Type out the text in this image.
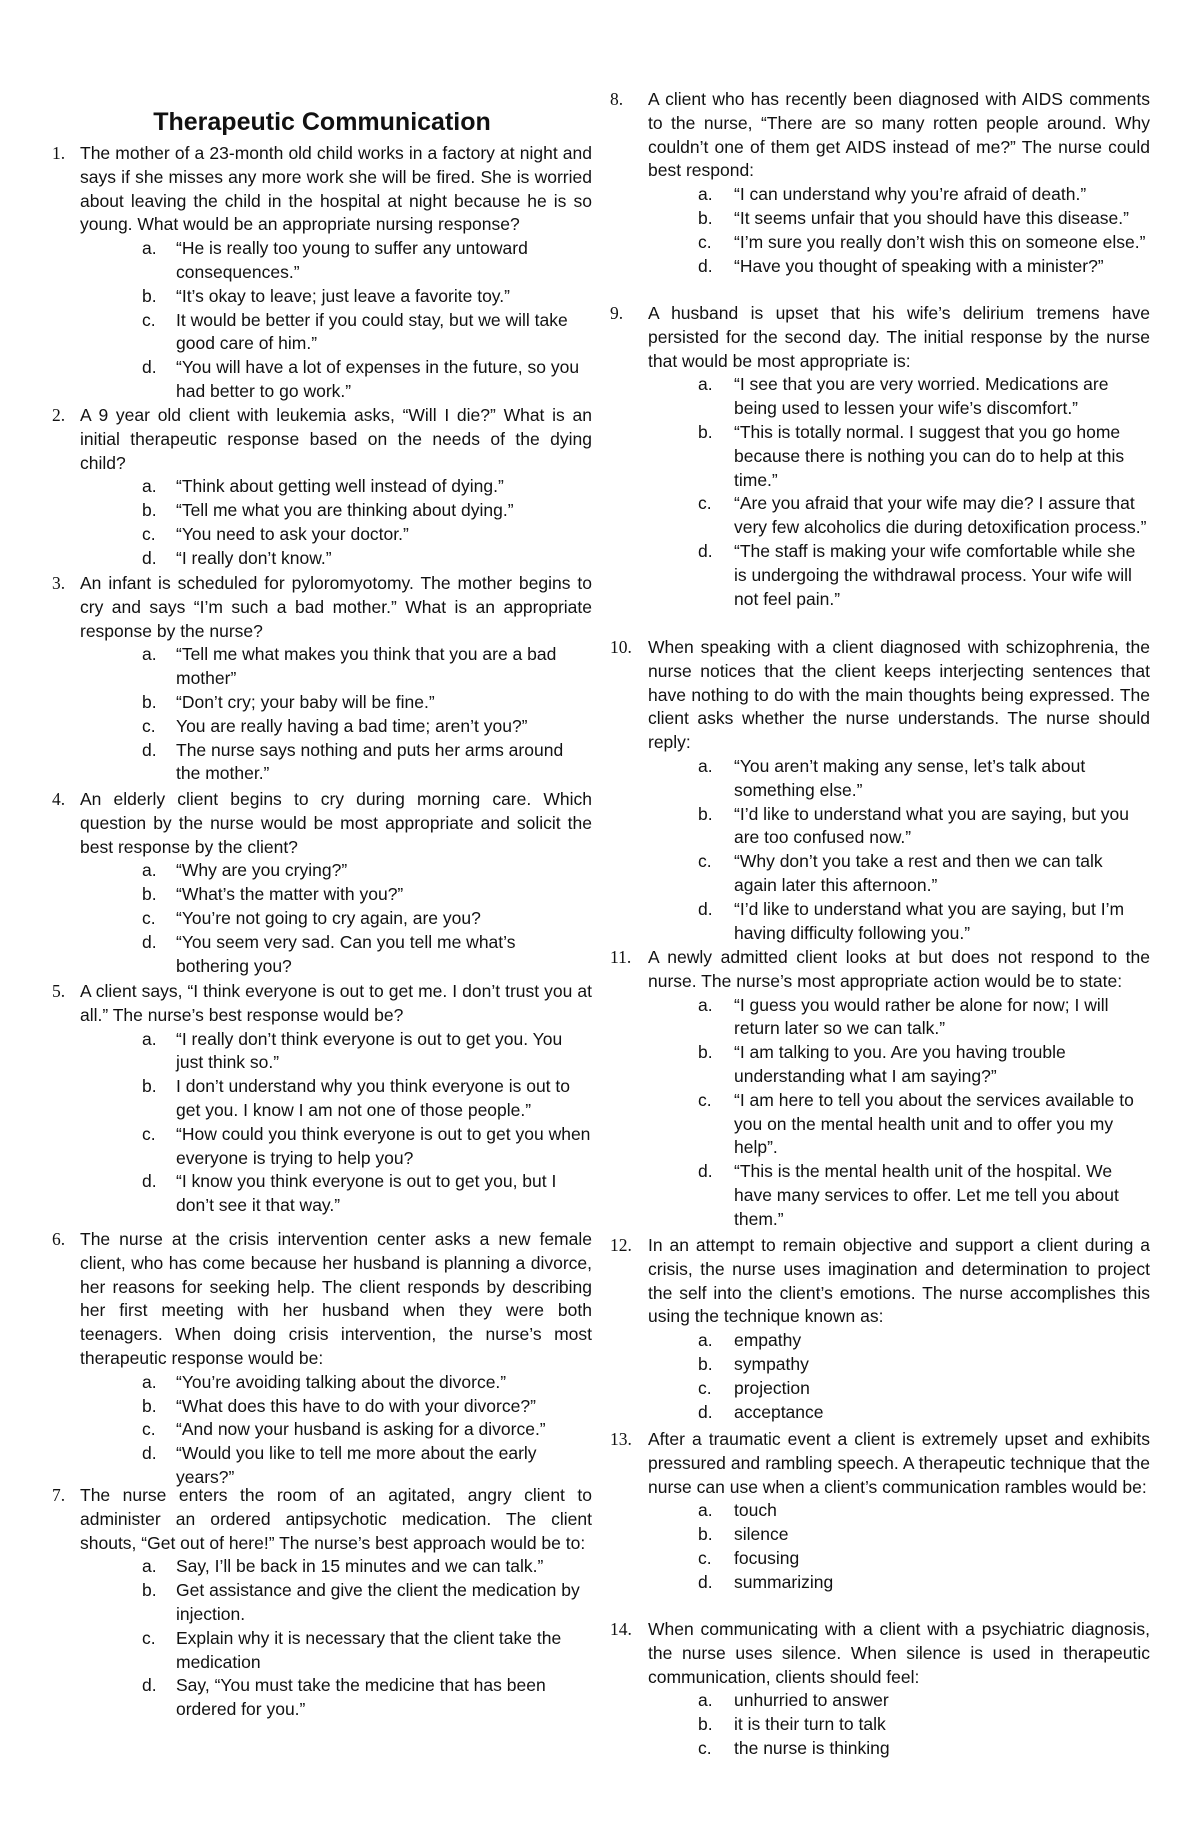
Therapeutic Communication
1. The mother of a 23-month old child works in a factory at night and says if she misses any more work she will be fired. She is worried about leaving the child in the hospital at night because he is so young. What would be an appropriate nursing response?
a. “He is really too young to suffer any untoward consequences.”
b. “It’s okay to leave; just leave a favorite toy.”
c. It would be better if you could stay, but we will take good care of him.”
d. “You will have a lot of expenses in the future, so you had better to go work.”
2. A 9 year old client with leukemia asks, “Will I die?” What is an initial therapeutic response based on the needs of the dying child?
a. “Think about getting well instead of dying.”
b. “Tell me what you are thinking about dying.”
c. “You need to ask your doctor.”
d. “I really don’t know.”
3. An infant is scheduled for pyloromyotomy. The mother begins to cry and says “I’m such a bad mother.” What is an appropriate response by the nurse?
a. “Tell me what makes you think that you are a bad mother”
b. “Don’t cry; your baby will be fine.”
c. You are really having a bad time; aren’t you?”
d. The nurse says nothing and puts her arms around the mother.”
4. An elderly client begins to cry during morning care. Which question by the nurse would be most appropriate and solicit the best response by the client?
a. “Why are you crying?”
b. “What’s the matter with you?”
c. “You’re not going to cry again, are you?
d. “You seem very sad. Can you tell me what’s bothering you?
5. A client says, “I think everyone is out to get me. I don’t trust you at all.” The nurse’s best response would be?
a. “I really don’t think everyone is out to get you. You just think so.”
b. I don’t understand why you think everyone is out to get you. I know I am not one of those people.”
c. “How could you think everyone is out to get you when everyone is trying to help you?
d. “I know you think everyone is out to get you, but I don’t see it that way.”
6. The nurse at the crisis intervention center asks a new female client, who has come because her husband is planning a divorce, her reasons for seeking help. The client responds by describing her first meeting with her husband when they were both teenagers. When doing crisis intervention, the nurse’s most therapeutic response would be:
a. “You’re avoiding talking about the divorce.”
b. “What does this have to do with your divorce?”
c. “And now your husband is asking for a divorce.”
d. “Would you like to tell me more about the early years?”
7. The nurse enters the room of an agitated, angry client to administer an ordered antipsychotic medication. The client shouts, “Get out of here!” The nurse’s best approach would be to:
a. Say, I’ll be back in 15 minutes and we can talk.”
b. Get assistance and give the client the medication by injection.
c. Explain why it is necessary that the client take the medication
d. Say, “You must take the medicine that has been ordered for you.”
8. A client who has recently been diagnosed with AIDS comments to the nurse, “There are so many rotten people around. Why couldn’t one of them get AIDS instead of me?” The nurse could best respond:
a. “I can understand why you’re afraid of death.”
b. “It seems unfair that you should have this disease.”
c. “I’m sure you really don’t wish this on someone else.”
d. “Have you thought of speaking with a minister?”
9. A husband is upset that his wife’s delirium tremens have persisted for the second day. The initial response by the nurse that would be most appropriate is:
a. “I see that you are very worried. Medications are being used to lessen your wife’s discomfort.”
b. “This is totally normal. I suggest that you go home because there is nothing you can do to help at this time.”
c. “Are you afraid that your wife may die? I assure that very few alcoholics die during detoxification process.”
d. “The staff is making your wife comfortable while she is undergoing the withdrawal process. Your wife will not feel pain.”
10. When speaking with a client diagnosed with schizophrenia, the nurse notices that the client keeps interjecting sentences that have nothing to do with the main thoughts being expressed. The client asks whether the nurse understands. The nurse should reply:
a. “You aren’t making any sense, let’s talk about something else.”
b. “I’d like to understand what you are saying, but you are too confused now.”
c. “Why don’t you take a rest and then we can talk again later this afternoon.”
d. “I’d like to understand what you are saying, but I’m having difficulty following you.”
11. A newly admitted client looks at but does not respond to the nurse. The nurse’s most appropriate action would be to state:
a. “I guess you would rather be alone for now; I will return later so we can talk.”
b. “I am talking to you. Are you having trouble understanding what I am saying?”
c. “I am here to tell you about the services available to you on the mental health unit and to offer you my help”.
d. “This is the mental health unit of the hospital. We have many services to offer. Let me tell you about them.”
12. In an attempt to remain objective and support a client during a crisis, the nurse uses imagination and determination to project the self into the client’s emotions. The nurse accomplishes this using the technique known as:
a. empathy
b. sympathy
c. projection
d. acceptance
13. After a traumatic event a client is extremely upset and exhibits pressured and rambling speech. A therapeutic technique that the nurse can use when a client’s communication rambles would be:
a. touch
b. silence
c. focusing
d. summarizing
14. When communicating with a client with a psychiatric diagnosis, the nurse uses silence. When silence is used in therapeutic communication, clients should feel:
a. unhurried to answer
b. it is their turn to talk
c. the nurse is thinking
